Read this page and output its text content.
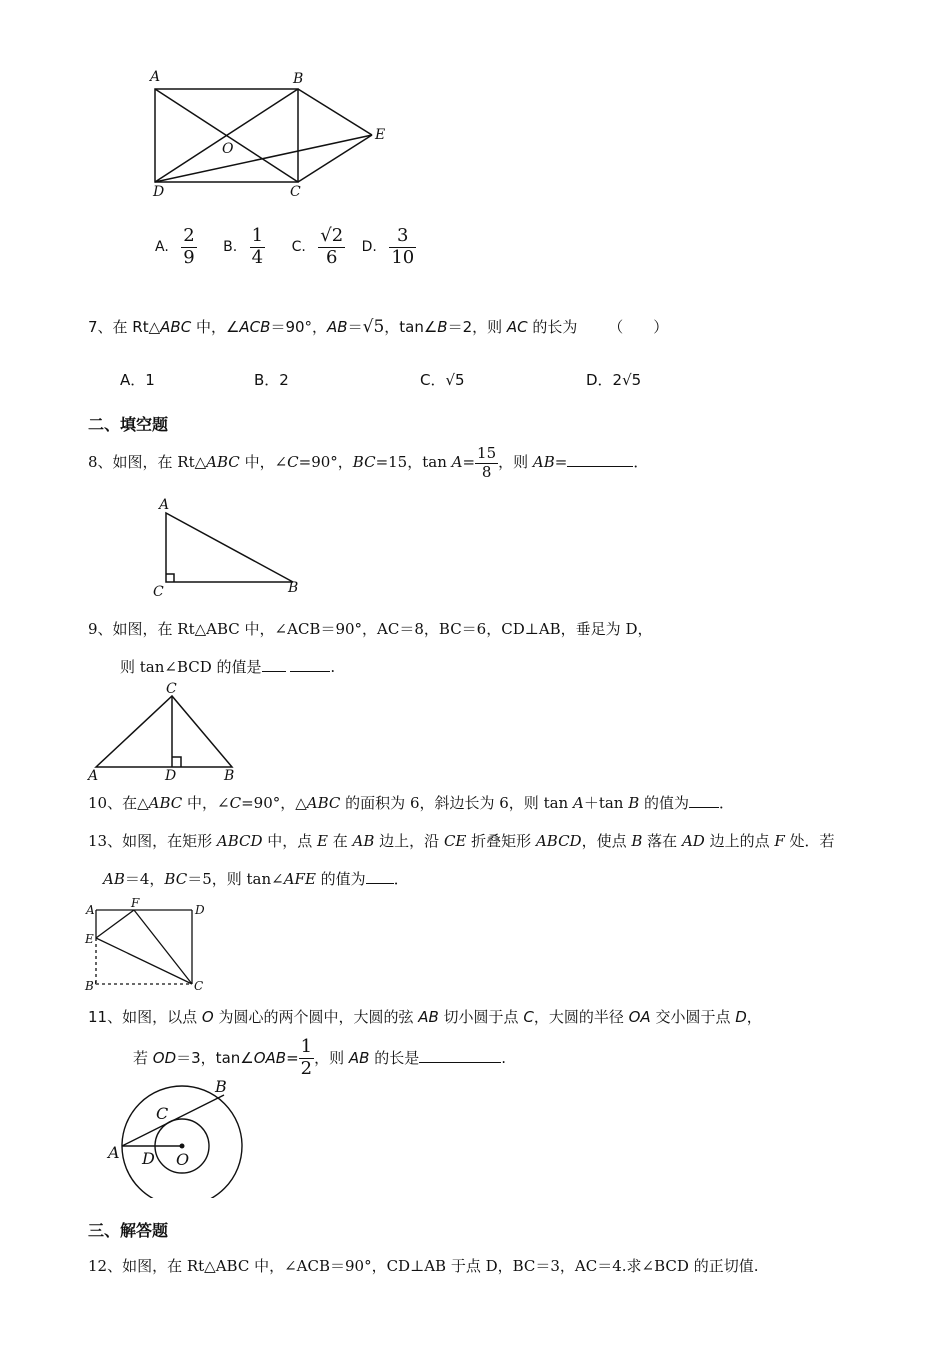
A	B
C
D
E
O
A. $\frac{2}{9} B$. $\frac{1}{4} C$. $\frac{√2}{6} D$. $\frac{3}{10}$
7、在 Rt△ABC 中，∠ACB＝90°，AB＝√5，tan∠B＝2，则 AC 的长为 （　　）
A．1	B．2	C．√5	D．2√5
二、填空题
8、如图，在 Rt△ABC 中，∠C=90°，BC=15，$\tan A= \frac{15}{8}$ ，则 AB=	．
A
C	B
9、如图，在 Rt△ABC 中，∠ACB＝90°，AC＝8，BC＝6，CD⊥AB，垂足为 D，
则 tan∠BCD 的值是	.
C
A	D	B
10、在△ABC 中，∠C=90°，△ABC 的面积为 6，斜边长为 6，则 tan A＋tan B 的值为 ．
13、如图，在矩形 ABCD 中，点 E 在 AB 边上，沿 CE 折叠矩形 ABCD，使点 B 落在 AD 边上的点 F 处．若
AB＝4，BC＝5，则 tan∠AFE 的值为 ．
A	F	D
E
B'	C
11、如图，以点 O 为圆心的两个圆中，大圆的弦 AB 切小圆于点 C，大圆的半径 OA 交小圆于点 D，
若 OD＝3，tan∠OAB= $\frac{1}{2}$ ，则 AB 的长是	.
B
C
A D O
三、解答题
12、如图，在 Rt△ABC 中，∠ACB＝90°，CD⊥AB 于点 D，BC＝3，AC＝4.求∠BCD 的正切值.
